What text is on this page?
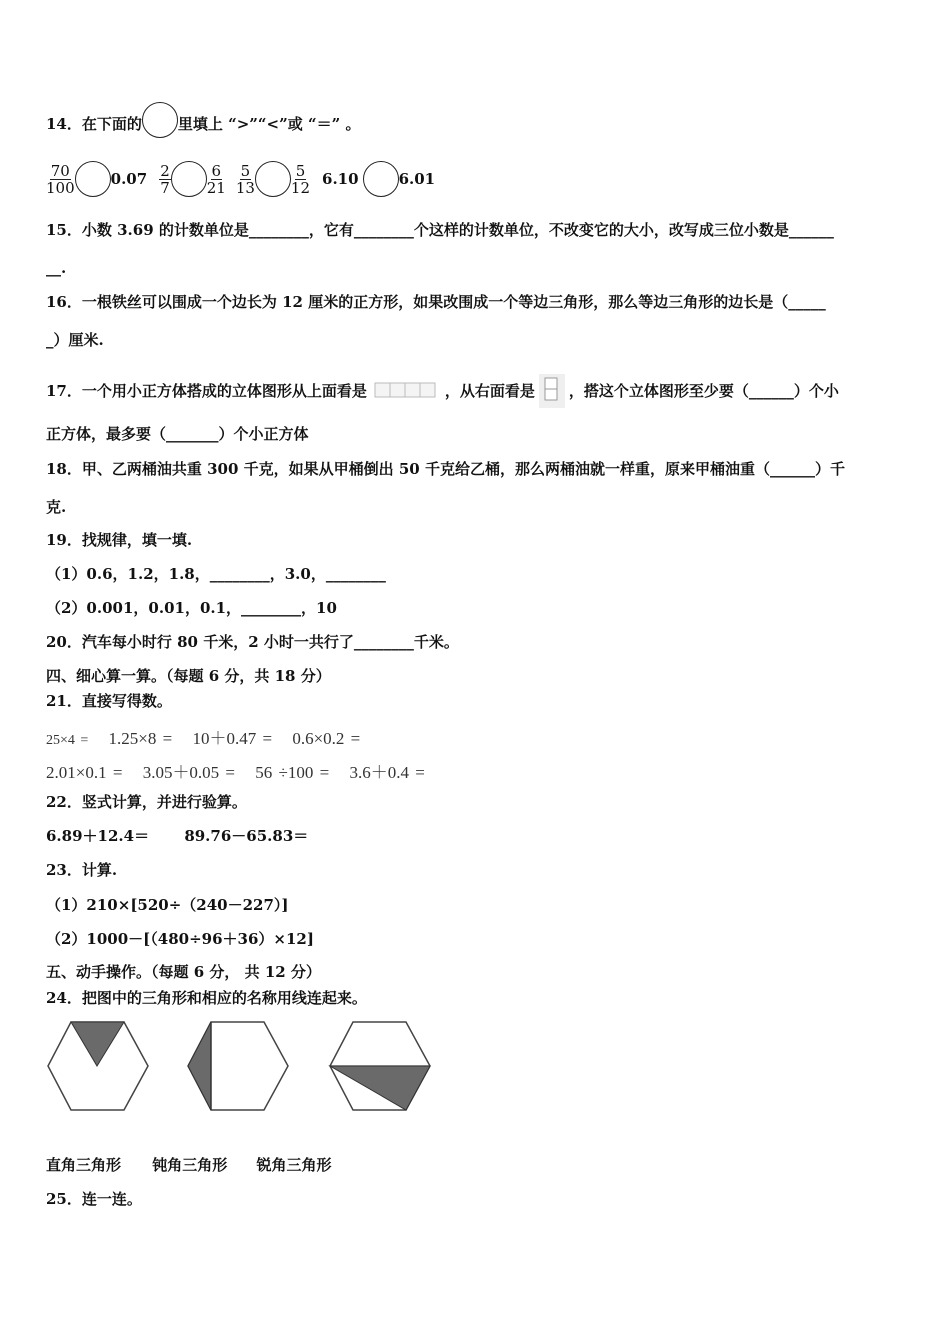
14．在下面的 里填上 “>”“<”或 “＝” 。
$\frac{70}{100} 0.07 \frac{2}{7} \frac{6}{21} \frac{5}{13} \frac{5}{12} 6.10$	6.01
15．小数 3.69 的计数单位是________，它有________个这样的计数单位，不改变它的大小，改写成三位小数是______
__.
16．一根铁丝可以围成一个边长为 12 厘米的正方形，如果改围成一个等边三角形，那么等边三角形的边长是（_____
_）厘米.
17．一个用小正方体搭成的立体图形从上面看是	，从右面看是 ，搭这个立体图形至少要（______）个小
正方体，最多要（_______）个小正方体
18．甲、乙两桶油共重 300 千克，如果从甲桶倒出 50 千克给乙桶，那么两桶油就一样重，原来甲桶油重（______）千
克.
19．找规律，填一填.
（1）0.6，1.2，1.8，________，3.0，________
（2）0.001，0.01，0.1，________，10
20．汽车每小时行 80 千米，2 小时一共行了________千米。
四、细心算一算。（每题 6 分，共 18 分）
21．直接写得数。
25×4 = 1.25×8 = 10＋0.47 = 0.6×0.2 =
2.01×0.1 = 3.05＋0.05 = 56 ÷100 = 3.6＋0.4 =
22．竖式计算，并进行验算。
6.89＋12.4＝ 89.76－65.83＝
23．计算.
（1）210×[520÷（240－227）]
（2）1000－[（480÷96＋36）×12]
五、动手操作。（每题 6 分， 共 12 分）
24．把图中的三角形和相应的名称用线连起来。
直角三角形 钝角三角形 锐角三角形
25．连一连。
